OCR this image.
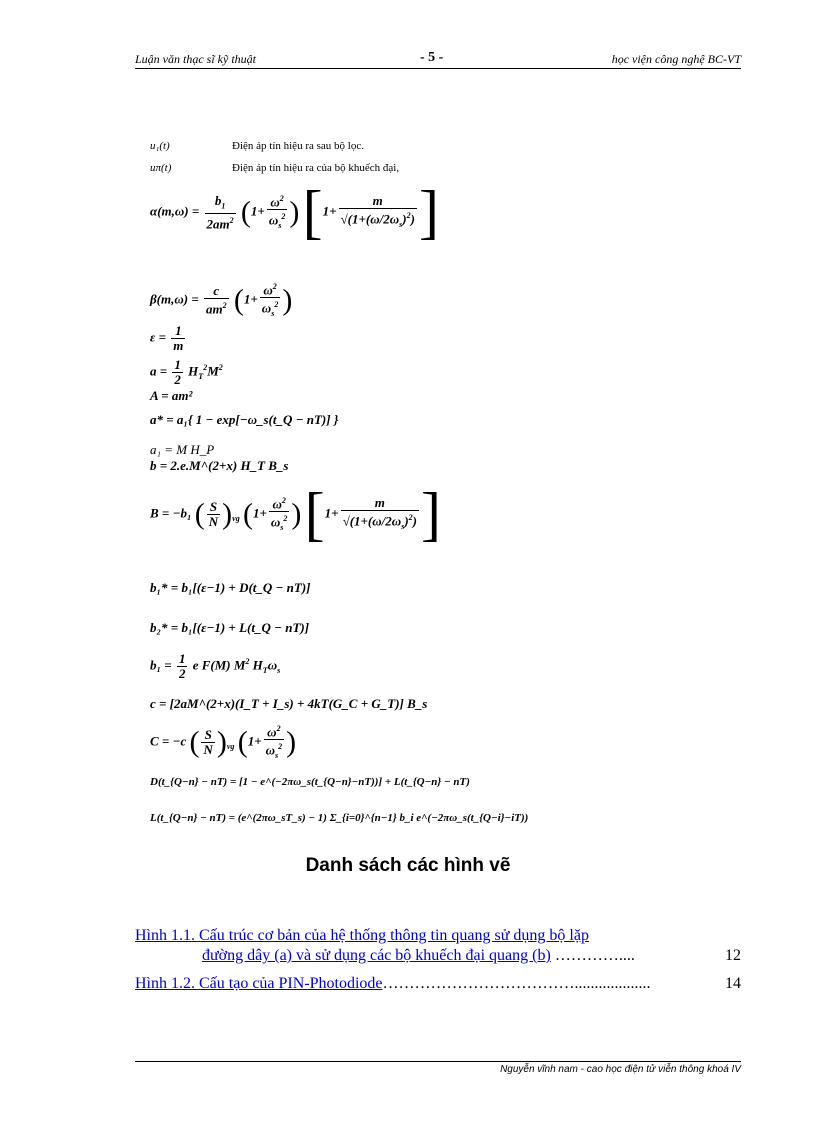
Luận văn thạc sĩ kỹ thuật	- 5 -	học viện công nghệ BC-VT
u₁(t)	Điện áp tín hiệu ra sau bộ lọc.
uπ(t)	Điện áp tín hiệu ra của bộ khuếch đại,
$\alpha(m,\omega) = \frac{b_1}{2am^2} (1+ \frac{\omega^2}{\omega_s^2}$ ) [$1+ \frac{m}{√(1+(\omega/2\omega_s)^2)}$ ]
$\beta(m,\omega) = \frac{c}{am^2} (1+ \frac{\omega^2}{\omega_s^2}$ )
$\varepsilon = \frac{1}{m}$
$a = \frac{1}{2} H_T^2M^2$
A = am²
a* = a₁{ 1 − exp[−ω_s(t_Q − nT)] }
a₁ = M H_P
b = 2.e.M^(2+x) H_T B_s
B = −b₁ ( $\frac{S}{N} )_{vg}$ ($1+ \frac{\omega^2}{\omega_s^2}$ ) [$1+ \frac{m}{√(1+(\omega/2\omega_s)^2)}$ ]
b₁* = b₁[(ε−1) + D(t_Q − nT)]
b₂* = b₁[(ε−1) + L(t_Q − nT)]
$b_1 = \frac{1}{2}$ e F(M) $M^2$ $H_T\omega_s$
c = [2aM^(2+x)(I_T + I_s) + 4kT(G_C + G_T)] B_s
C = −c ( $\frac{S}{N} )_{vg}$ ($1+ \frac{\omega^2}{\omega_s^2}$ )
D(t_{Q−n} − nT) = [1 − e^(−2πω_s(t_{Q−n}−nT))] + L(t_{Q−n} − nT)
L(t_{Q−n} − nT) = (e^(2πω_sT_s) − 1) Σ_{i=0}^{n−1} b_i e^(−2πω_s(t_{Q−i}−iT))
Danh sách các hình vẽ
Hình 1.1. Cấu trúc cơ bản của hệ thống thông tin quang sử dụng bộ lặp
đường dây (a) và sử dụng các bộ khuếch đại quang (b) …………....	12
Hình 1.2. Cấu tạo của PIN-Photodiode………………………………...................	14
Nguyễn vĩnh nam - cao học điện tử viễn thông khoá IV
